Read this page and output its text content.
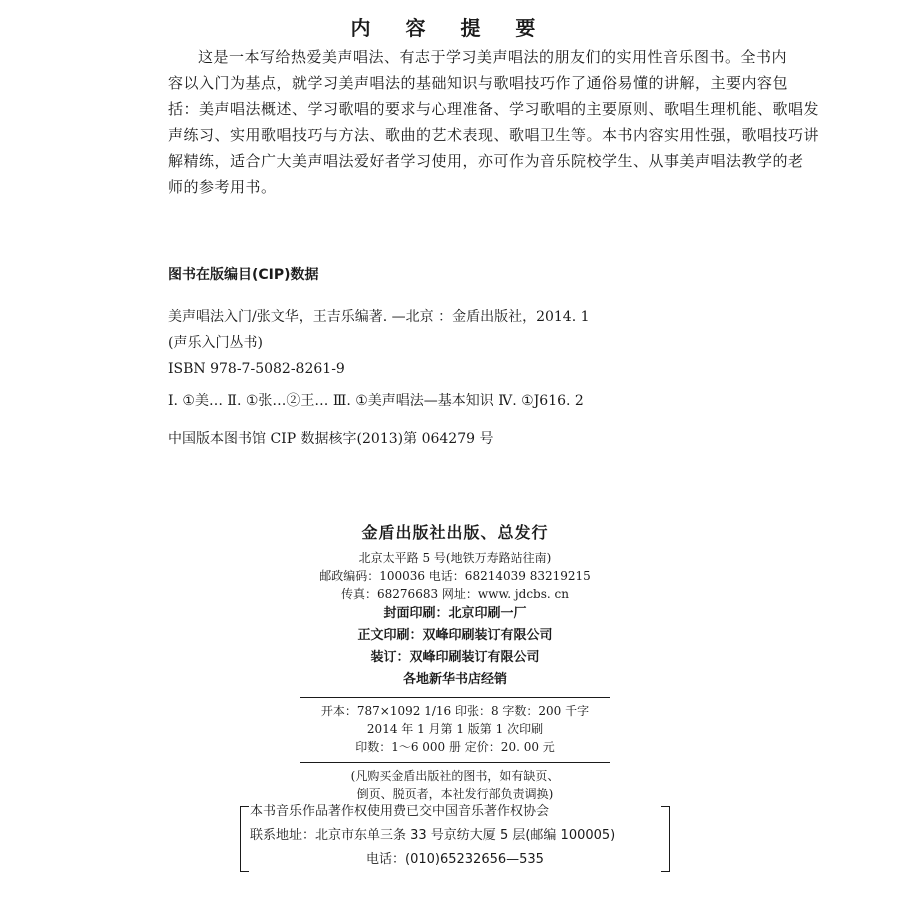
内 容 提 要
这是一本写给热爱美声唱法、有志于学习美声唱法的朋友们的实用性音乐图书。全书内
容以入门为基点，就学习美声唱法的基础知识与歌唱技巧作了通俗易懂的讲解，主要内容包
括：美声唱法概述、学习歌唱的要求与心理准备、学习歌唱的主要原则、歌唱生理机能、歌唱发
声练习、实用歌唱技巧与方法、歌曲的艺术表现、歌唱卫生等。本书内容实用性强，歌唱技巧讲
解精练，适合广大美声唱法爱好者学习使用，亦可作为音乐院校学生、从事美声唱法教学的老
师的参考用书。
图书在版编目(CIP)数据
美声唱法入门/张文华，王吉乐编著. —北京 ：金盾出版社，2014. 1
(声乐入门丛书)
ISBN 978-7-5082-8261-9
Ⅰ. ①美… Ⅱ. ①张…②王… Ⅲ. ①美声唱法—基本知识 Ⅳ. ①J616. 2
中国版本图书馆 CIP 数据核字(2013)第 064279 号
金盾出版社出版、总发行
北京太平路 5 号(地铁万寿路站往南)
邮政编码：100036 电话：68214039 83219215
传真：68276683 网址：www. jdcbs. cn
封面印刷：北京印刷一厂
正文印刷：双峰印刷装订有限公司
装订：双峰印刷装订有限公司
各地新华书店经销
开本：787×1092 1/16 印张：8 字数：200 千字
2014 年 1 月第 1 版第 1 次印刷
印数：1～6 000 册 定价：20. 00 元
(凡购买金盾出版社的图书，如有缺页、
倒页、脱页者，本社发行部负责调换)
本书音乐作品著作权使用费已交中国音乐著作权协会
联系地址：北京市东单三条 33 号京纺大厦 5 层(邮编 100005)
电话：(010)65232656—535
